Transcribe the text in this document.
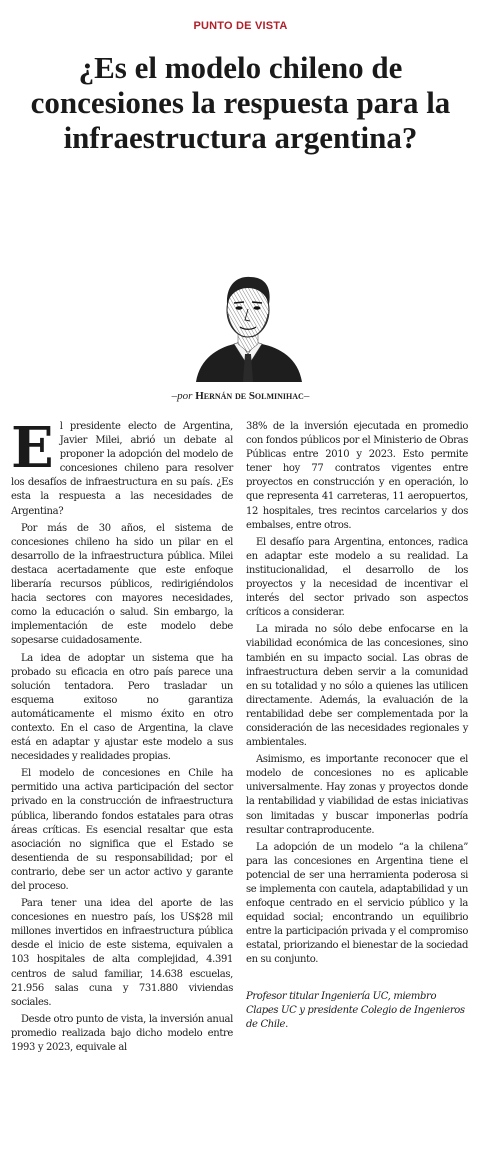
PUNTO DE VISTA
¿Es el modelo chileno de concesiones la respuesta para la infraestructura argentina?
–por Hernán de Solminihac–

El presidente electo de Argentina, Javier Milei, abrió un debate al proponer la adopción del modelo de concesiones chileno para resolver los desafíos de infraestructura en su país. ¿Es esta la respuesta a las necesidades de Argentina?

Por más de 30 años, el sistema de concesiones chileno ha sido un pilar en el desarrollo de la infraestructura pública. Milei destaca acertadamente que este enfoque liberaría recursos públicos, redirigiéndolos hacia sectores con mayores necesidades, como la educación o salud. Sin embargo, la implementación de este modelo debe sopesarse cuidadosamente.

La idea de adoptar un sistema que ha probado su eficacia en otro país parece una solución tentadora. Pero trasladar un esquema exitoso no garantiza automáticamente el mismo éxito en otro contexto. En el caso de Argentina, la clave está en adaptar y ajustar este modelo a sus necesidades y realidades propias.

El modelo de concesiones en Chile ha permitido una activa participación del sector privado en la construcción de infraestructura pública, liberando fondos estatales para otras áreas críticas. Es esencial resaltar que esta asociación no significa que el Estado se desentienda de su responsabilidad; por el contrario, debe ser un actor activo y garante del proceso.

Para tener una idea del aporte de las concesiones en nuestro país, los US$28 mil millones invertidos en infraestructura pública desde el inicio de este sistema, equivalen a 103 hospitales de alta complejidad, 4.391 centros de salud familiar, 14.638 escuelas, 21.956 salas cuna y 731.880 viviendas sociales.

Desde otro punto de vista, la inversión anual promedio realizada bajo dicho modelo entre 1993 y 2023, equivale al

38% de la inversión ejecutada en promedio con fondos públicos por el Ministerio de Obras Públicas entre 2010 y 2023. Esto permite tener hoy 77 contratos vigentes entre proyectos en construcción y en operación, lo que representa 41 carreteras, 11 aeropuertos, 12 hospitales, tres recintos carcelarios y dos embalses, entre otros.

El desafío para Argentina, entonces, radica en adaptar este modelo a su realidad. La institucionalidad, el desarrollo de los proyectos y la necesidad de incentivar el interés del sector privado son aspectos críticos a considerar.

La mirada no sólo debe enfocarse en la viabilidad económica de las concesiones, sino también en su impacto social. Las obras de infraestructura deben servir a la comunidad en su totalidad y no sólo a quienes las utilicen directamente. Además, la evaluación de la rentabilidad debe ser complementada por la consideración de las necesidades regionales y ambientales.

Asimismo, es importante reconocer que el modelo de concesiones no es aplicable universalmente. Hay zonas y proyectos donde la rentabilidad y viabilidad de estas iniciativas son limitadas y buscar imponerlas podría resultar contraproducente.

La adopción de un modelo “a la chilena” para las concesiones en Argentina tiene el potencial de ser una herramienta poderosa si se implementa con cautela, adaptabilidad y un enfoque centrado en el servicio público y la equidad social; encontrando un equilibrio entre la participación privada y el compromiso estatal, priorizando el bienestar de la sociedad en su conjunto.

Profesor titular Ingeniería UC, miembro Clapes UC y presidente Colegio de Ingenieros de Chile.
